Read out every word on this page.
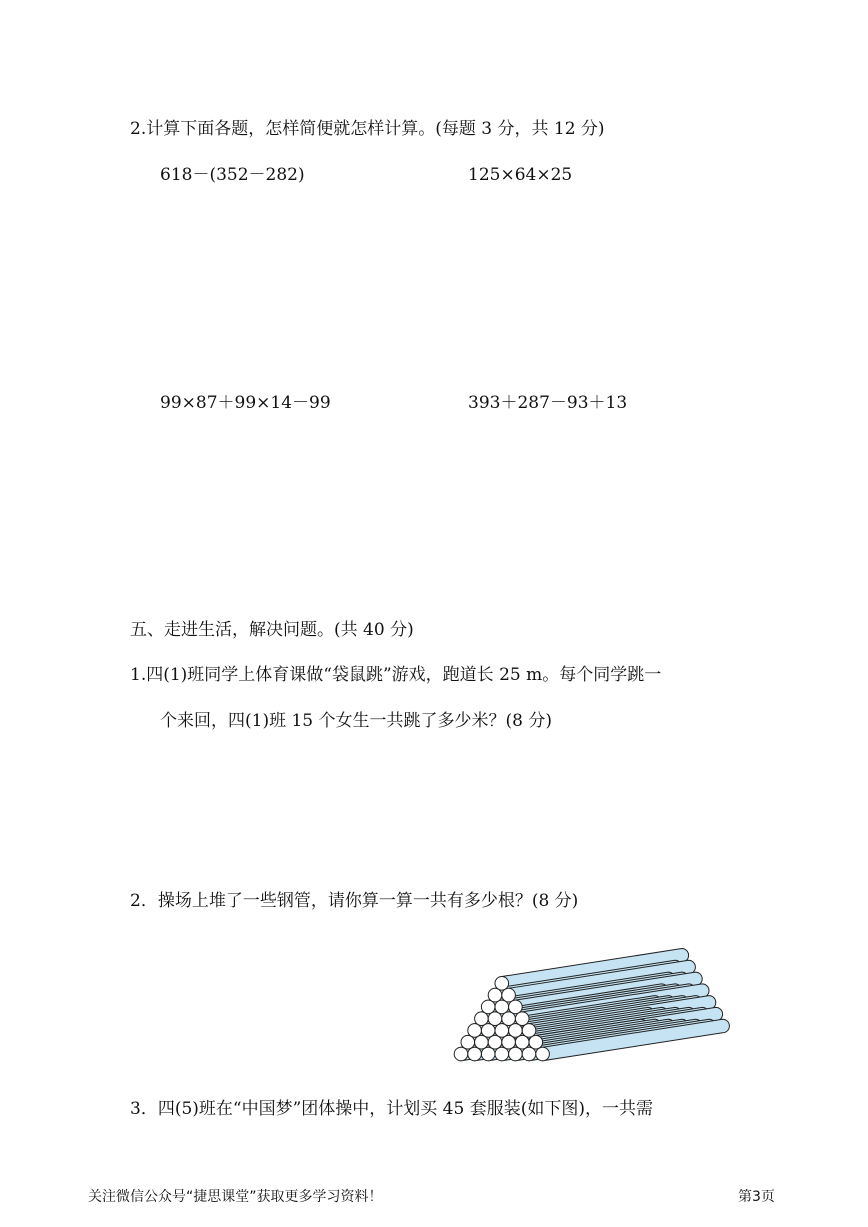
2.计算下面各题，怎样简便就怎样计算。(每题 3 分，共 12 分)
618－(352－282)	125×64×25
99×87＋99×14－99	393＋287－93＋13
五、走进生活，解决问题。(共 40 分)
1.四(1)班同学上体育课做“袋鼠跳”游戏，跑道长 25 m。每个同学跳一
个来回，四(1)班 15 个女生一共跳了多少米？(8 分)
2．操场上堆了一些钢管，请你算一算一共有多少根？(8 分)
3．四(5)班在“中国梦”团体操中，计划买 45 套服装(如下图)，一共需
关注微信公众号“捷思课堂”获取更多学习资料！	第3页
